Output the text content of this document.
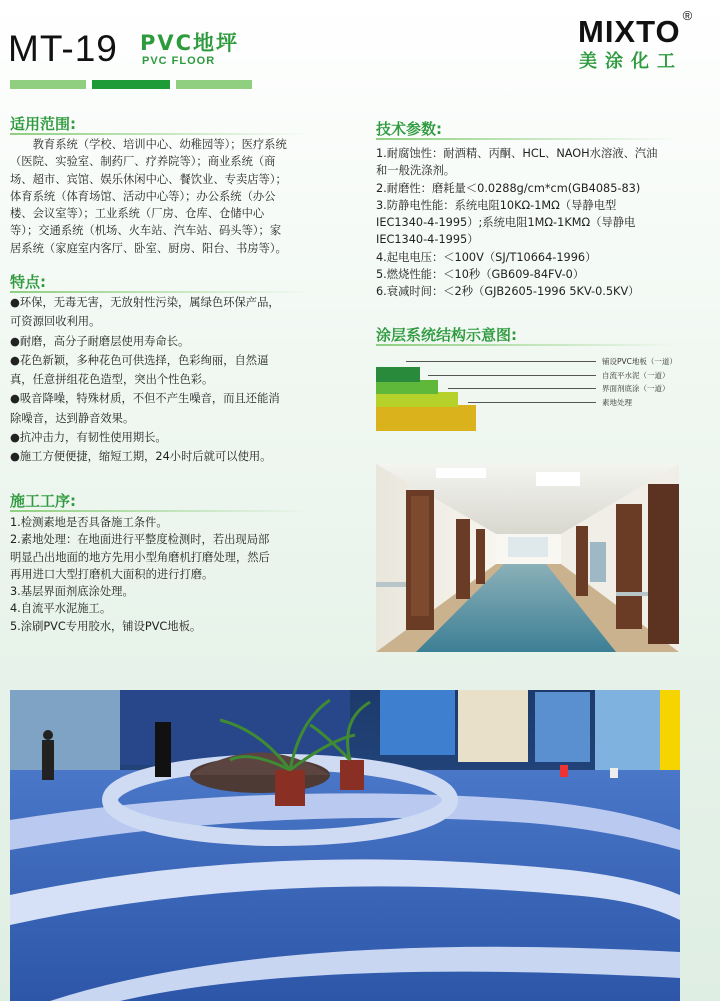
MT-19 PVC地坪
PVC FLOOR
MIXTO ®
美涂化工
适用范围:

教育系统（学校、培训中心、幼稚园等）；医疗系统

（医院、实验室、制药厂、疗养院等）；商业系统（商

场、超市、宾馆、娱乐休闲中心、餐饮业、专卖店等）；

体育系统（体育场馆、活动中心等）；办公系统（办公

楼、会议室等）；工业系统（厂房、仓库、仓储中心

等）；交通系统（机场、火车站、汽车站、码头等）；家

居系统（家庭室内客厅、卧室、厨房、阳台、书房等）。

特点:

●环保，无毒无害，无放射性污染，属绿色环保产品，

可资源回收利用。

●耐磨，高分子耐磨层使用寿命长。

●花色新颖，多种花色可供选择，色彩绚丽，自然逼

真，任意拼组花色造型，突出个性色彩。

●吸音降噪，特殊材质，不但不产生噪音，而且还能消

除噪音，达到静音效果。

●抗冲击力，有韧性使用期长。

●施工方便便捷，缩短工期，24小时后就可以使用。

施工工序:

1.检测素地是否具备施工条件。

2.素地处理：在地面进行平整度检测时，若出现局部

明显凸出地面的地方先用小型角磨机打磨处理，然后

再用进口大型打磨机大面积的进行打磨。

3.基层界面剂底涂处理。

4.自流平水泥施工。

5.涂刷PVC专用胶水，铺设PVC地板。

技术参数:

1.耐腐蚀性：耐酒精、丙酮、HCL、NAOH水溶液、汽油

和一般洗涤剂。

2.耐磨性：磨耗量＜0.0288g/cm*cm(GB4085-83)

3.防静电性能：系统电阻10KΩ-1MΩ（导静电型

IEC1340-4-1995）;系统电阻1MΩ-1KMΩ（导静电

IEC1340-4-1995）

4.起电电压：＜100V（SJ/T10664-1996）

5.燃烧性能：＜10秒（GB609-84FV-0）

6.衰减时间：＜2秒（GJB2605-1996 5KV-0.5KV）

涂层系统结构示意图:
铺设PVC地板（一道）
自流平水泥（一道）
界面剂底涂（一道）
素地处理
